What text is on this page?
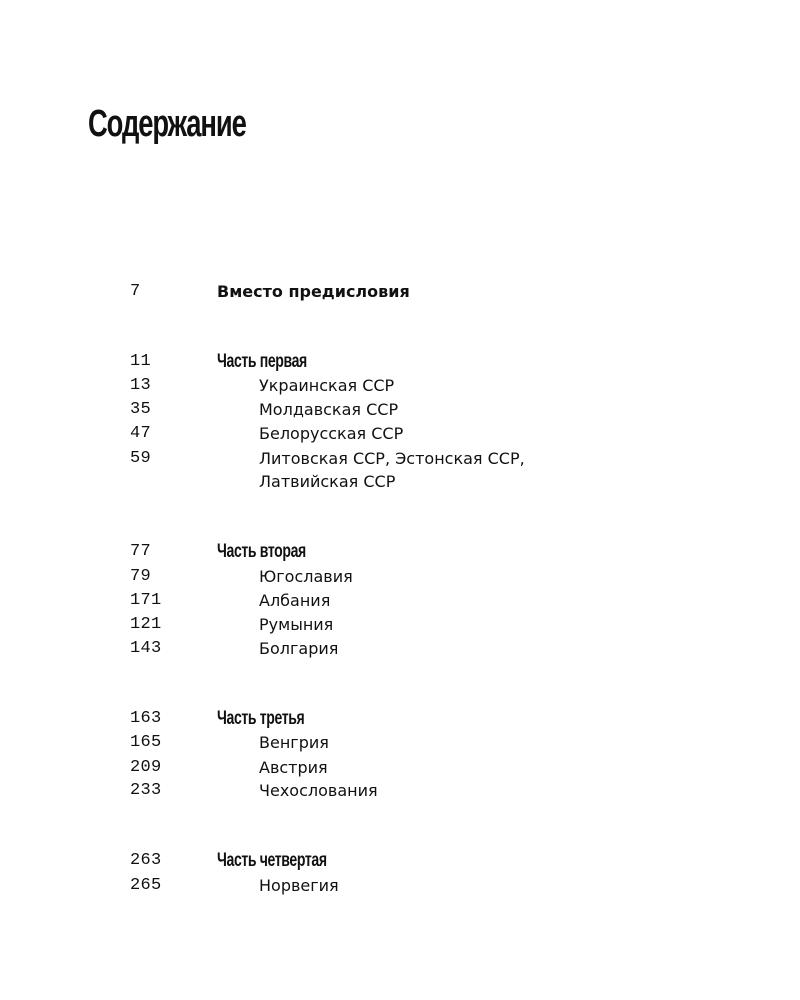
Содержание
7	Вместо предисловия
11	Часть первая
13	Украинская ССР
35	Молдавская ССР
47	Белорусская ССР
59	Литовская ССР, Эстонская ССР,
Латвийская ССР
77	Часть вторая
79	Югославия
171	Албания
121	Румыния
143	Болгария
163	Часть третья
165	Венгрия
209	Австрия
233	Чехослования
263	Часть четвертая
265	Норвегия
